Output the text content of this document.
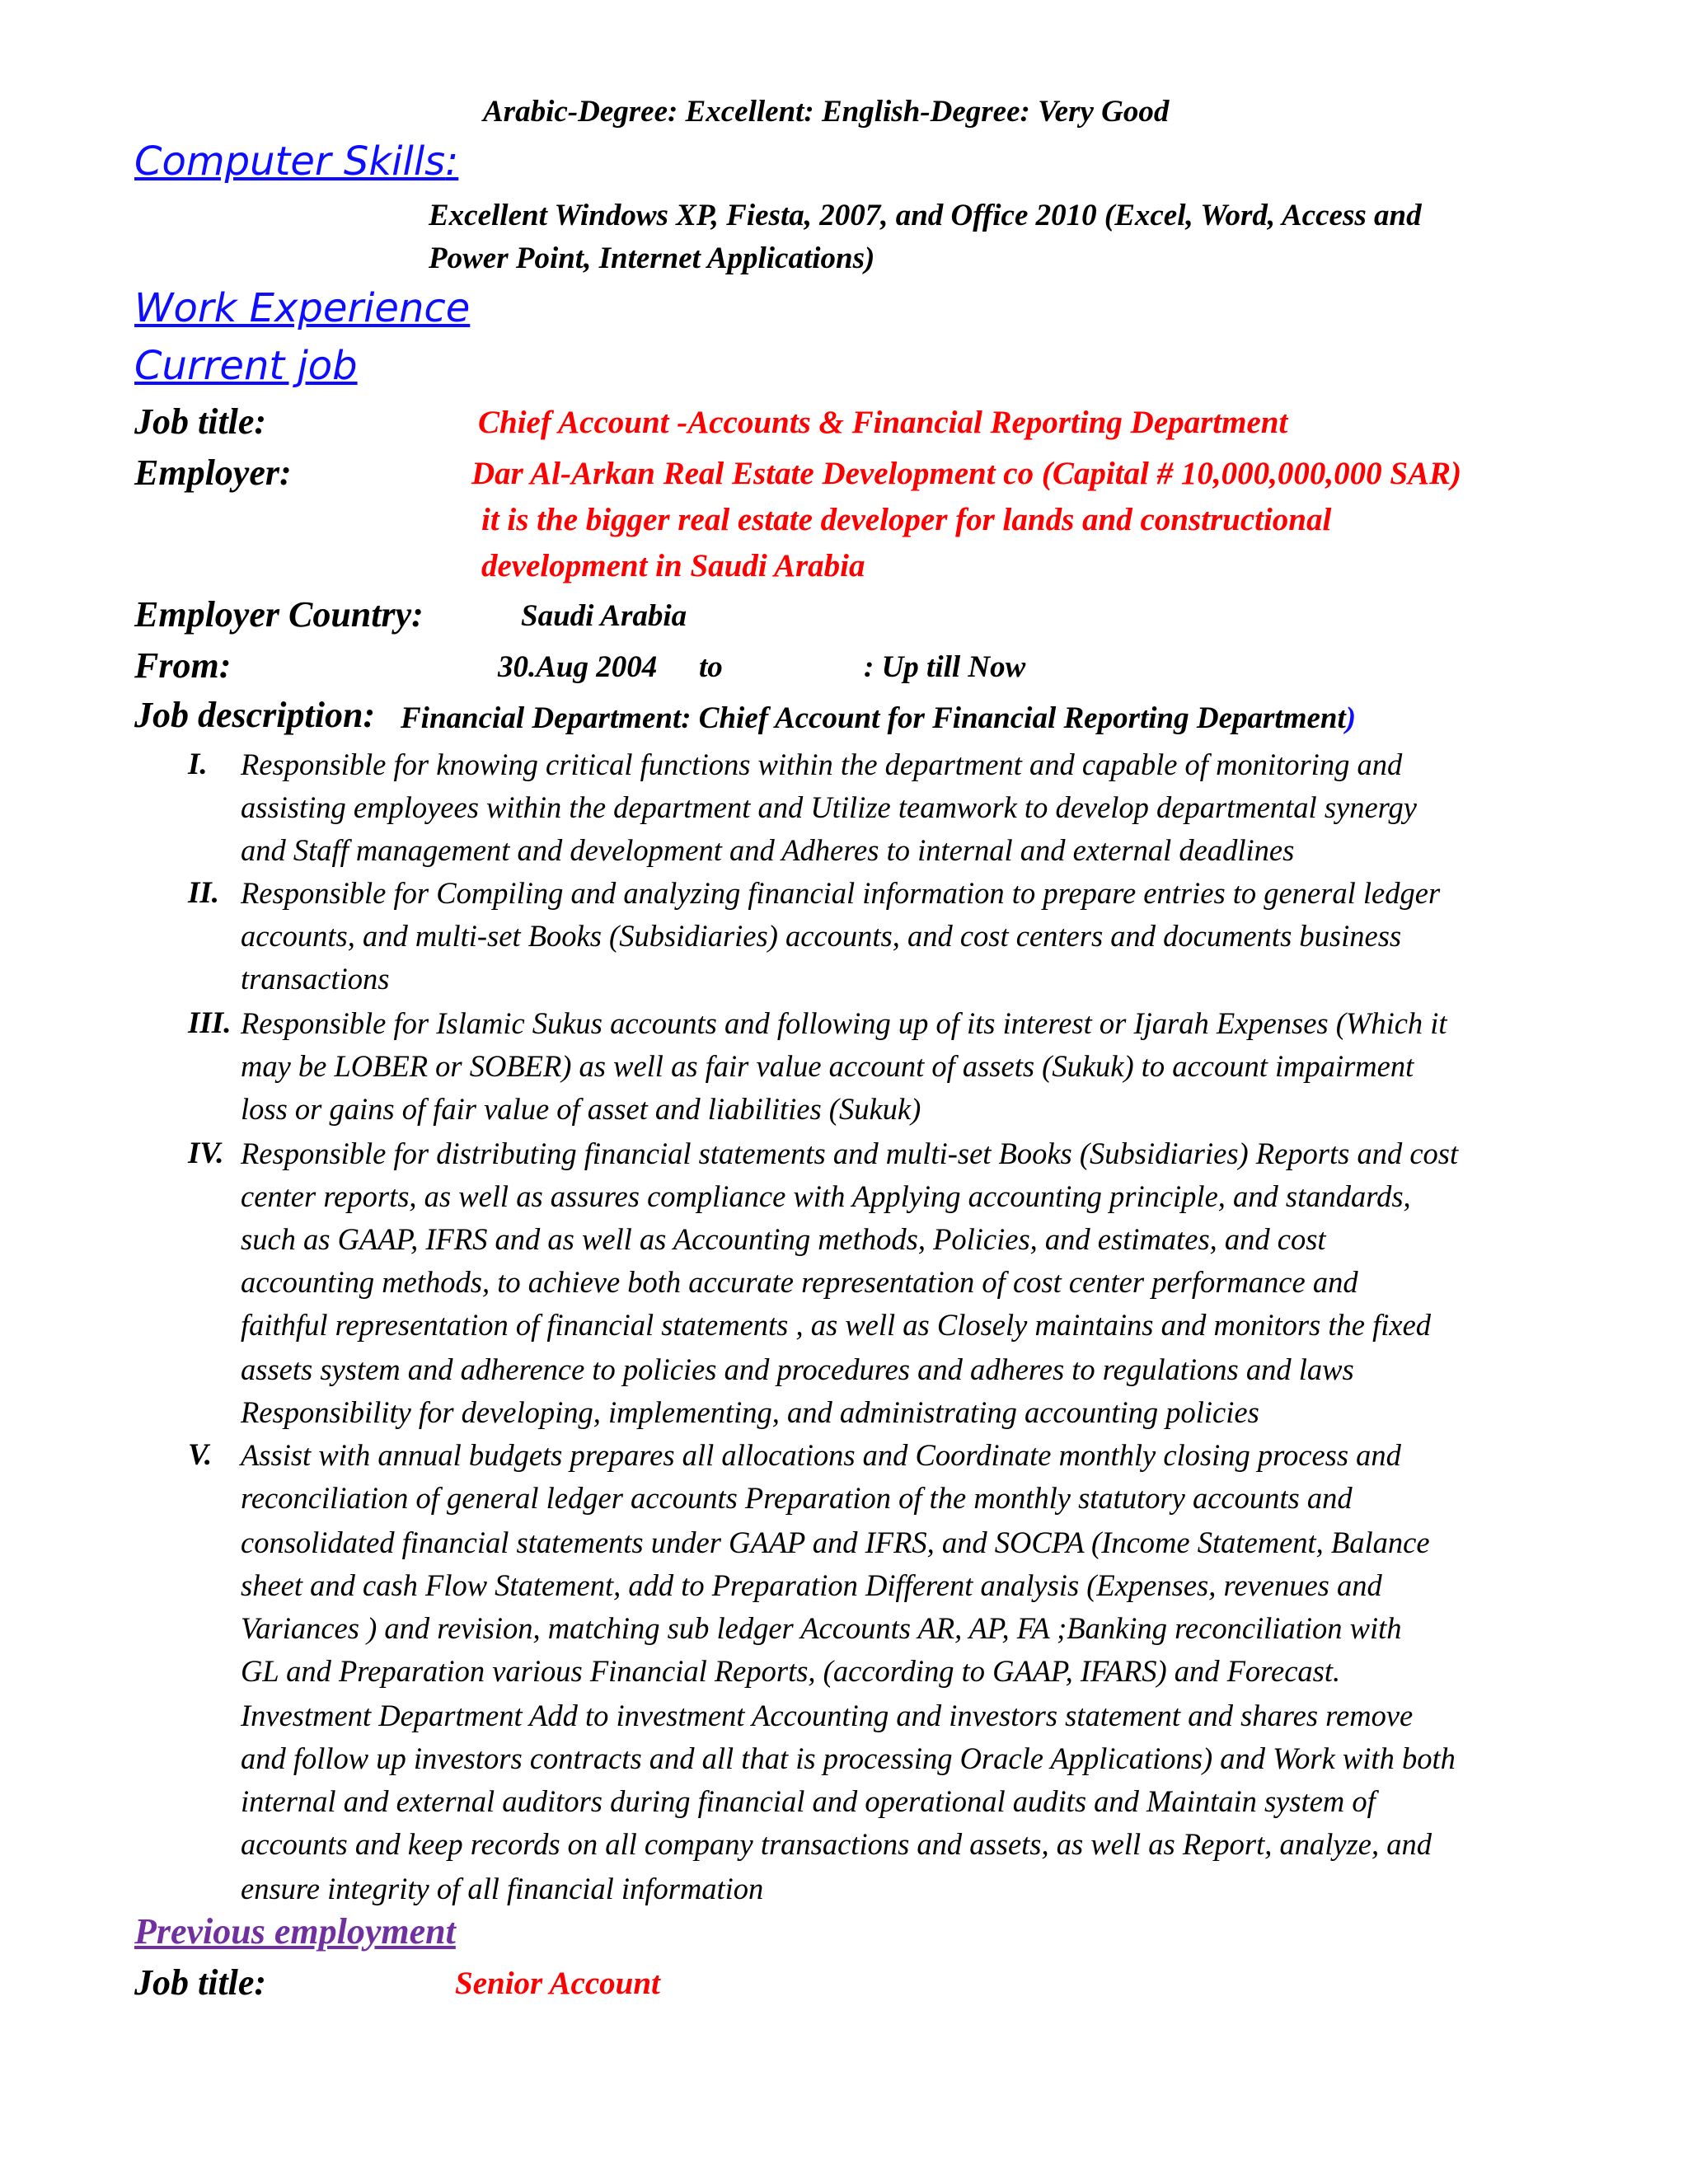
Arabic-Degree: Excellent: English-Degree: Very Good
Computer Skills:
Excellent Windows XP, Fiesta, 2007, and Office 2010 (Excel, Word, Access and
Power Point, Internet Applications)
Work Experience
Current job
Job title:	Chief Account -Accounts & Financial Reporting Department
Employer:	Dar Al-Arkan Real Estate Development co (Capital # 10,000,000,000 SAR)
it is the bigger real estate developer for lands and constructional
development in Saudi Arabia
Employer Country:	Saudi Arabia
From:	30.Aug 2004 to	: Up till Now
Job description: Financial Department: Chief Account for Financial Reporting Department)
I. Responsible for knowing critical functions within the department and capable of monitoring and
assisting employees within the department and Utilize teamwork to develop departmental synergy
and Staff management and development and Adheres to internal and external deadlines
II. Responsible for Compiling and analyzing financial information to prepare entries to general ledger
accounts, and multi-set Books (Subsidiaries) accounts, and cost centers and documents business
transactions
III. Responsible for Islamic Sukus accounts and following up of its interest or Ijarah Expenses (Which it
may be LOBER or SOBER) as well as fair value account of assets (Sukuk) to account impairment
loss or gains of fair value of asset and liabilities (Sukuk)
IV. Responsible for distributing financial statements and multi-set Books (Subsidiaries) Reports and cost
center reports, as well as assures compliance with Applying accounting principle, and standards,
such as GAAP, IFRS and as well as Accounting methods, Policies, and estimates, and cost
accounting methods, to achieve both accurate representation of cost center performance and
faithful representation of financial statements , as well as Closely maintains and monitors the fixed
assets system and adherence to policies and procedures and adheres to regulations and laws
Responsibility for developing, implementing, and administrating accounting policies
V. Assist with annual budgets prepares all allocations and Coordinate monthly closing process and
reconciliation of general ledger accounts Preparation of the monthly statutory accounts and
consolidated financial statements under GAAP and IFRS, and SOCPA (Income Statement, Balance
sheet and cash Flow Statement, add to Preparation Different analysis (Expenses, revenues and
Variances ) and revision, matching sub ledger Accounts AR, AP, FA ;Banking reconciliation with
GL and Preparation various Financial Reports, (according to GAAP, IFARS) and Forecast.
Investment Department Add to investment Accounting and investors statement and shares remove
and follow up investors contracts and all that is processing Oracle Applications) and Work with both
internal and external auditors during financial and operational audits and Maintain system of
accounts and keep records on all company transactions and assets, as well as Report, analyze, and
ensure integrity of all financial information
Previous employment
Job title:	Senior Account
